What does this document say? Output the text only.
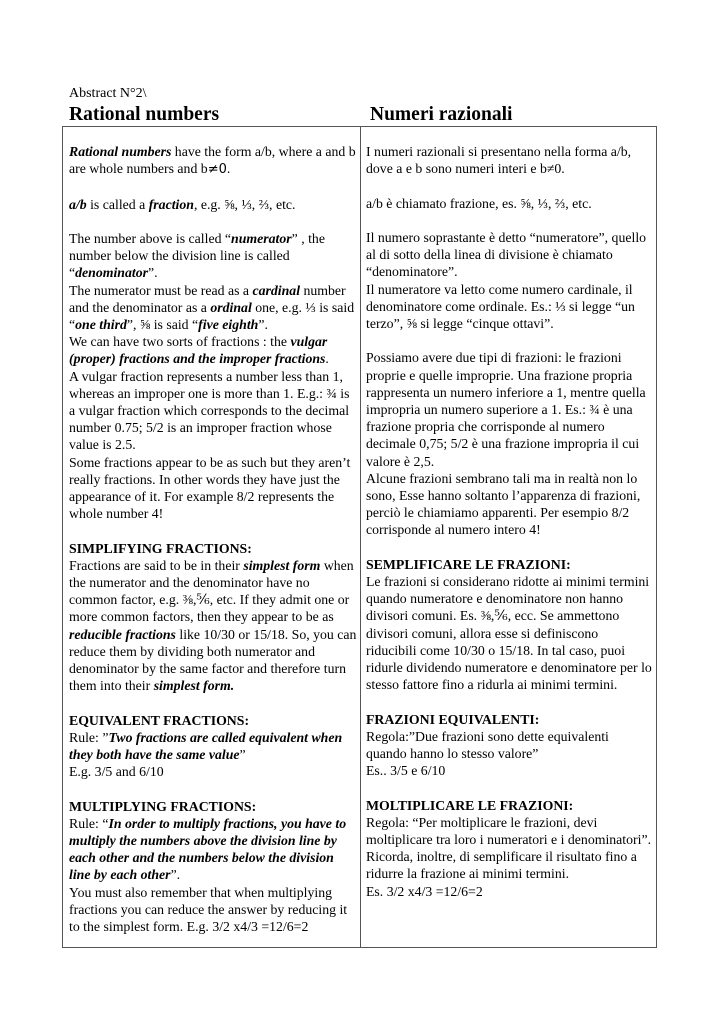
Abstract N°2\
Rational numbers	Numeri razionali

Rational numbers have the form a/b, where a and b are whole numbers and b≠0.

a/b is called a fraction, e.g. ⅝, ⅓, ⅔, etc.

The number above is called “numerator” , the number below the division line is called “denominator”.

The numerator must be read as a cardinal number and the denominator as a ordinal one, e.g. ⅓ is said “one third”, ⅝ is said “five eighth”.

We can have two sorts of fractions : the vulgar (proper) fractions and the improper fractions.

A vulgar fraction represents a number less than 1, whereas an improper one is more than 1. E.g.: ¾ is a vulgar fraction which corresponds to the decimal number 0.75; 5/2 is an improper fraction whose value is 2.5.

Some fractions appear to be as such but they aren’t really fractions. In other words they have just the appearance of it. For example 8/2 represents the whole number 4!

SIMPLIFYING FRACTIONS:
Fractions are said to be in their simplest form when the numerator and the denominator have no common factor, e.g. ⅜,⅚, etc. If they admit one or more common factors, then they appear to be as reducible fractions like 10/30 or 15/18. So, you can reduce them by dividing both numerator and denominator by the same factor and therefore turn them into their simplest form.

EQUIVALENT FRACTIONS:
Rule: ”Two fractions are called equivalent when they both have the same value”
E.g. 3/5 and 6/10

MULTIPLYING FRACTIONS:
Rule: “In order to multiply fractions, you have to multiply the numbers above the division line by each other and the numbers below the division line by each other”.
You must also remember that when multiplying fractions you can reduce the answer by reducing it to the simplest form. E.g. 3/2 x4/3 =12/6=2

I numeri razionali si presentano nella forma a/b, dove a e b sono numeri interi e b≠0.

a/b è chiamato frazione, es. ⅝, ⅓, ⅔, etc.

Il numero soprastante è detto “numeratore”, quello al di sotto della linea di divisione è chiamato “denominatore”.

Il numeratore va letto come numero cardinale, il denominatore come ordinale. Es.: ⅓ si legge “un terzo”, ⅝ si legge “cinque ottavi”.

Possiamo avere due tipi di frazioni: le frazioni proprie e quelle improprie. Una frazione propria rappresenta un numero inferiore a 1, mentre quella impropria un numero superiore a 1. Es.: ¾ è una frazione propria che corrisponde al numero decimale 0,75; 5/2 è una frazione impropria il cui valore è 2,5.

Alcune frazioni sembrano tali ma in realtà non lo sono, Esse hanno soltanto l’apparenza di frazioni, perciò le chiamiamo apparenti. Per esempio 8/2 corrisponde al numero intero 4!

SEMPLIFICARE LE FRAZIONI:
Le frazioni si considerano ridotte ai minimi termini quando numeratore e denominatore non hanno divisori comuni. Es. ⅜,⅚, ecc. Se ammettono divisori comuni, allora esse si definiscono riducibili come 10/30 o 15/18. In tal caso, puoi ridurle dividendo numeratore e denominatore per lo stesso fattore fino a ridurla ai minimi termini.

FRAZIONI EQUIVALENTI:
Regola:”Due frazioni sono dette equivalenti quando hanno lo stesso valore”
Es.. 3/5 e 6/10

MOLTIPLICARE LE FRAZIONI:
Regola: “Per moltiplicare le frazioni, devi moltiplicare tra loro i numeratori e i denominatori”.
Ricorda, inoltre, di semplificare il risultato fino a ridurre la frazione ai minimi termini.
Es. 3/2 x4/3 =12/6=2
